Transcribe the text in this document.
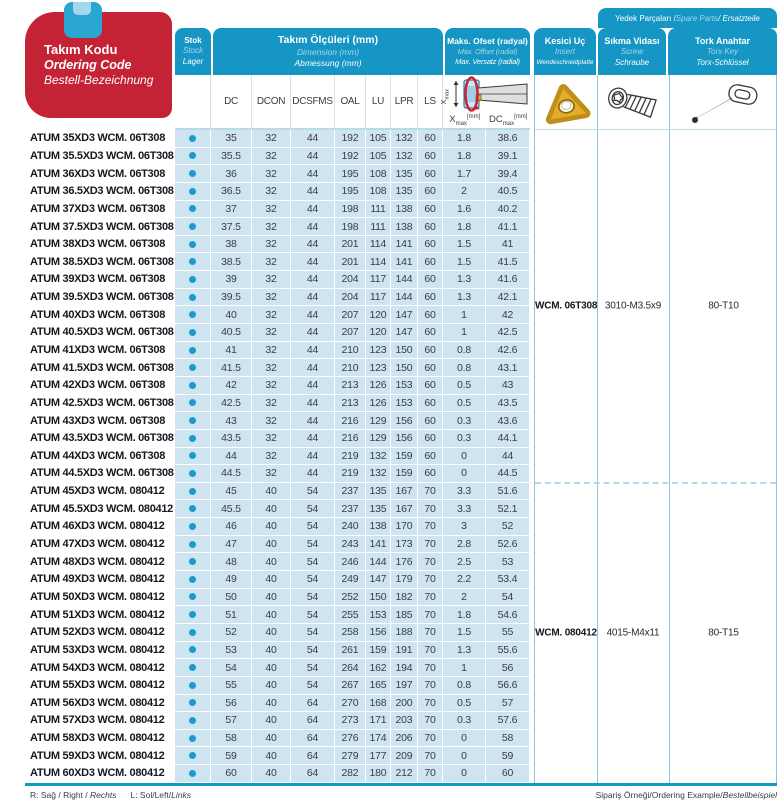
Takım Kodu
Ordering Code
Bestell-Bezeichnung
Stok
Stock
Lager
Takım Ölçüleri (mm)
Dimension (mm)
Abmessung (mm)
Maks. Ofset (radyal)
Max. Offset (radial)
Max. Versatz (radial)
Kesici Uç
Insert
Wendeschneidplatte
Yedek Parçaları / Spare Parts / Ersatzteile
Sıkma Vidası
Screw
Schraube
Tork Anahtar
Torx Key
Torx-Schlüssel
DC	DCON DCSFMS OAL	LU	LPR	LS $X_{max}$
$X_{max}[mm]$ $DC_{max}[mm]$
WCM. 06T308 3010-M3.5x9	80-T10
WCM. 080412 4015-M4x11	80-T15
ATUM 35XD3 WCM. 06T308	35	32	44	192	105 132	60	1.8	38.6
ATUM 35.5XD3 WCM. 06T308	35.5	32	44	192	105 132	60	1.8	39.1
ATUM 36XD3 WCM. 06T308	36	32	44	195	108 135	60	1.7	39.4
ATUM 36.5XD3 WCM. 06T308	36.5	32	44	195	108 135	60	2	40.5
ATUM 37XD3 WCM. 06T308	37	32	44	198	111 138	60	1.6	40.2
ATUM 37.5XD3 WCM. 06T308	37.5	32	44	198	111 138	60	1.8	41.1
ATUM 38XD3 WCM. 06T308	38	32	44	201	114 141	60	1.5	41
ATUM 38.5XD3 WCM. 06T308	38.5	32	44	201	114 141	60	1.5	41.5
ATUM 39XD3 WCM. 06T308	39	32	44	204	117 144	60	1.3	41.6
ATUM 39.5XD3 WCM. 06T308	39.5	32	44	204	117 144	60	1.3	42.1
ATUM 40XD3 WCM. 06T308	40	32	44	207	120 147	60	1	42
ATUM 40.5XD3 WCM. 06T308	40.5	32	44	207	120 147	60	1	42.5
ATUM 41XD3 WCM. 06T308	41	32	44	210	123 150	60	0.8	42.6
ATUM 41.5XD3 WCM. 06T308	41.5	32	44	210	123 150	60	0.8	43.1
ATUM 42XD3 WCM. 06T308	42	32	44	213	126 153	60	0.5	43
ATUM 42.5XD3 WCM. 06T308	42.5	32	44	213	126 153	60	0.5	43.5
ATUM 43XD3 WCM. 06T308	43	32	44	216	129 156	60	0.3	43.6
ATUM 43.5XD3 WCM. 06T308	43.5	32	44	216	129 156	60	0.3	44.1
ATUM 44XD3 WCM. 06T308	44	32	44	219	132 159	60	0	44
ATUM 44.5XD3 WCM. 06T308	44.5	32	44	219	132 159	60	0	44.5
ATUM 45XD3 WCM. 080412	45	40	54	237	135 167	70	3.3	51.6
ATUM 45.5XD3 WCM. 080412	45.5	40	54	237	135 167	70	3.3	52.1
ATUM 46XD3 WCM. 080412	46	40	54	240	138 170	70	3	52
ATUM 47XD3 WCM. 080412	47	40	54	243	141 173	70	2.8	52.6
ATUM 48XD3 WCM. 080412	48	40	54	246	144 176	70	2.5	53
ATUM 49XD3 WCM. 080412	49	40	54	249	147 179	70	2.2	53.4
ATUM 50XD3 WCM. 080412	50	40	54	252	150 182	70	2	54
ATUM 51XD3 WCM. 080412	51	40	54	255	153 185	70	1.8	54.6
ATUM 52XD3 WCM. 080412	52	40	54	258	156 188	70	1.5	55
ATUM 53XD3 WCM. 080412	53	40	54	261	159 191	70	1.3	55.6
ATUM 54XD3 WCM. 080412	54	40	54	264	162 194	70	1	56
ATUM 55XD3 WCM. 080412	55	40	54	267	165 197	70	0.8	56.6
ATUM 56XD3 WCM. 080412	56	40	64	270	168 200	70	0.5	57
ATUM 57XD3 WCM. 080412	57	40	64	273	171 203	70	0.3	57.6
ATUM 58XD3 WCM. 080412	58	40	64	276	174 206	70	0	58
ATUM 59XD3 WCM. 080412	59	40	64	279	177 209	70	0	59
ATUM 60XD3 WCM. 080412	60	40	64	282	180 212	70	0	60
R: Sağ / Right / Rechts L: Sol/Left/Links	Sipariş Örneği/Ordering Example/Bestellbeispiel
